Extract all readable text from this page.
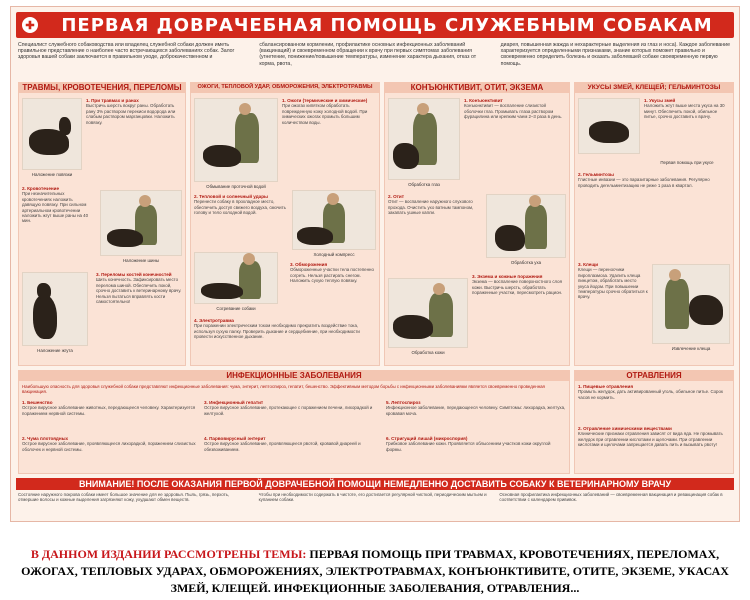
✚	ПЕРВАЯ ДОВРАЧЕБНАЯ ПОМОЩЬ СЛУЖЕБНЫМ СОБАКАМ
Специалист служебного собаководства или владелец служебной собаки должен иметь правильное представление о наиболее часто встречающихся заболеваниях собак. Залог здоровья вашей собаки заключается в правильном уходе, доброкачественном и
сбалансированном кормлении, профилактике основных инфекционных заболеваний (вакцинаций) и своевременном обращении к врачу при первых симптомах заболевания (угнетение, понижение/повышение температуры, изменение характера дыхания, отказ от корма, рвота,
диарея, повышенная жажда и нехарактерные выделения из глаз и носа). Каждое заболевание характеризуется определенными признаками, знание которых поможет правильно и своевременно определить болезнь и оказать заболевшей собаке своевременную первую помощь.
ТРАВМЫ, КРОВОТЕЧЕНИЯ, ПЕРЕЛОМЫ
Наложение повязки
1. При травмах и ранах
Выстричь шерсть вокруг раны. Обработать рану 3% раствором перекиси водорода или слабым раствором марганцовки. Наложить повязку.
2. Кровотечение
При незначительных кровотечениях наложить давящую повязку. При сильном артериальном кровотечении наложить жгут выше раны на 40 мин.
Наложение шины
Наложение жгута
3. Переломы костей конечностей
Шить конечность. Зафиксировать место перелома шиной. Обеспечить покой, срочно доставить к ветеринарному врачу. Нельзя пытаться вправлять кости самостоятельно!
ОЖОГИ, ТЕПЛОВОЙ УДАР, ОБМОРОЖЕНИЯ, ЭЛЕКТРОТРАВМЫ
Обмывание проточной водой
1. Ожоги (термические и химические)
При ожогах кипятком обработать поврежденную кожу холодной водой. При химических ожогах промыть большим количеством воды.
2. Тепловой и солнечный удары
Перенести собаку в прохладное место, обеспечить доступ свежего воздуха, смочить голову и тело холодной водой.
Холодный компресс
Согревание собаки
3. Обморожения
Обмороженные участки тела постепенно согреть. Нельзя растирать снегом. Наложить сухую теплую повязку.
4. Электротравма
При поражении электрическим током необходимо прекратить воздействие тока, используя сухую палку. Проверить дыхание и сердцебиение, при необходимости провести искусственное дыхание.
КОНЪЮНКТИВИТ, ОТИТ, ЭКЗЕМА
Обработка глаз
1. Конъюнктивит
Конъюнктивит — воспаление слизистой оболочки глаз. Промывать глаза раствором фурацилина или крепким чаем 2–3 раза в день.
2. Отит
Отит — воспаление наружного слухового прохода. Очистить ухо ватным тампоном, закапать ушные капли.
Обработка уха
Обработка кожи
3. Экзема и кожные поражения
Экзема — воспаление поверхностного слоя кожи. Выстричь шерсть, обработать пораженные участки, пересмотреть рацион.
УКУСЫ ЗМЕЙ, КЛЕЩЕЙ; ГЕЛЬМИНТОЗЫ
1. Укусы змей
Наложить жгут выше места укуса на 30 минут. Обеспечить покой, обильное питье, срочно доставить к врачу.
Первая помощь при укусе
2. Гельминтозы
Глистные инвазии — это паразитарные заболевания. Регулярно проводить дегельминтизацию не реже 1 раза в квартал.
3. Клещи
Клещи — переносчики пироплазмоза. Удалить клеща пинцетом, обработать место укуса йодом. При повышении температуры срочно обратиться к врачу.
Извлечение клеща
ИНФЕКЦИОННЫЕ ЗАБОЛЕВАНИЯ
Наибольшую опасность для здоровья служебной собаки представляют инфекционные заболевания: чума, энтерит, лептоспироз, гепатит, бешенство. Эффективным методом борьбы с инфекционными заболеваниями является своевременно проведенная вакцинация.
1. Бешенство
Острое вирусное заболевание животных, передающееся человеку. Характеризуется поражением нервной системы.
2. Чума плотоядных
Острое вирусное заболевание, проявляющееся лихорадкой, поражением слизистых оболочек и нервной системы.
3. Инфекционный гепатит
Острое вирусное заболевание, протекающее с поражением печени, лихорадкой и желтухой.
4. Парвовирусный энтерит
Острое вирусное заболевание, проявляющееся рвотой, кровавой диареей и обезвоживанием.
5. Лептоспироз
Инфекционное заболевание, передающееся человеку. Симптомы: лихорадка, желтуха, кровавая моча.
6. Стригущий лишай (микроспория)
Грибковое заболевание кожи. Проявляется облысением участков кожи округлой формы.
ОТРАВЛЕНИЯ
1. Пищевые отравления
Промыть желудок, дать активированный уголь, обильное питье. Сорок часов не кормить.
2. Отравление химическими веществами
Клинические признаки отравления зависят от вида яда. Не промывать желудок при отравлении кислотами и щелочами. При отравлении кислотами и щелочами запрещается давать пить и вызывать рвоту!
ВНИМАНИЕ! ПОСЛЕ ОКАЗАНИЯ ПЕРВОЙ ДОВРАЧЕБНОЙ ПОМОЩИ НЕМЕДЛЕННО ДОСТАВИТЬ СОБАКУ К ВЕТЕРИНАРНОМУ ВРАЧУ
Состояние наружного покрова собаки имеет большое значение для ее здоровья. Пыль, грязь, перхоть, отмершие волосы и кожные выделения загрязняют кожу, ухудшают обмен веществ.
Чтобы при необходимости содержать в чистоте, его достигается регулярной чисткой, периодическим мытьем и купанием собаки.
Основная профилактика инфекционных заболеваний — своевременная вакцинация и ревакцинация собак в соответствии с календарем прививок.
В ДАННОМ ИЗДАНИИ РАССМОТРЕНЫ ТЕМЫ: ПЕРВАЯ ПОМОЩЬ ПРИ ТРАВМАХ, КРОВОТЕЧЕНИЯХ, ПЕРЕЛОМАХ, ОЖОГАХ, ТЕПЛОВЫХ УДАРАХ, ОБМОРОЖЕНИЯХ, ЭЛЕКТРОТРАВМАХ, КОНЪЮНКТИВИТЕ, ОТИТЕ, ЭКЗЕМЕ, УКАСАХ ЗМЕЙ, КЛЕЩЕЙ. ИНФЕКЦИОННЫЕ ЗАБОЛЕВАНИЯ, ОТРАВЛЕНИЯ...
